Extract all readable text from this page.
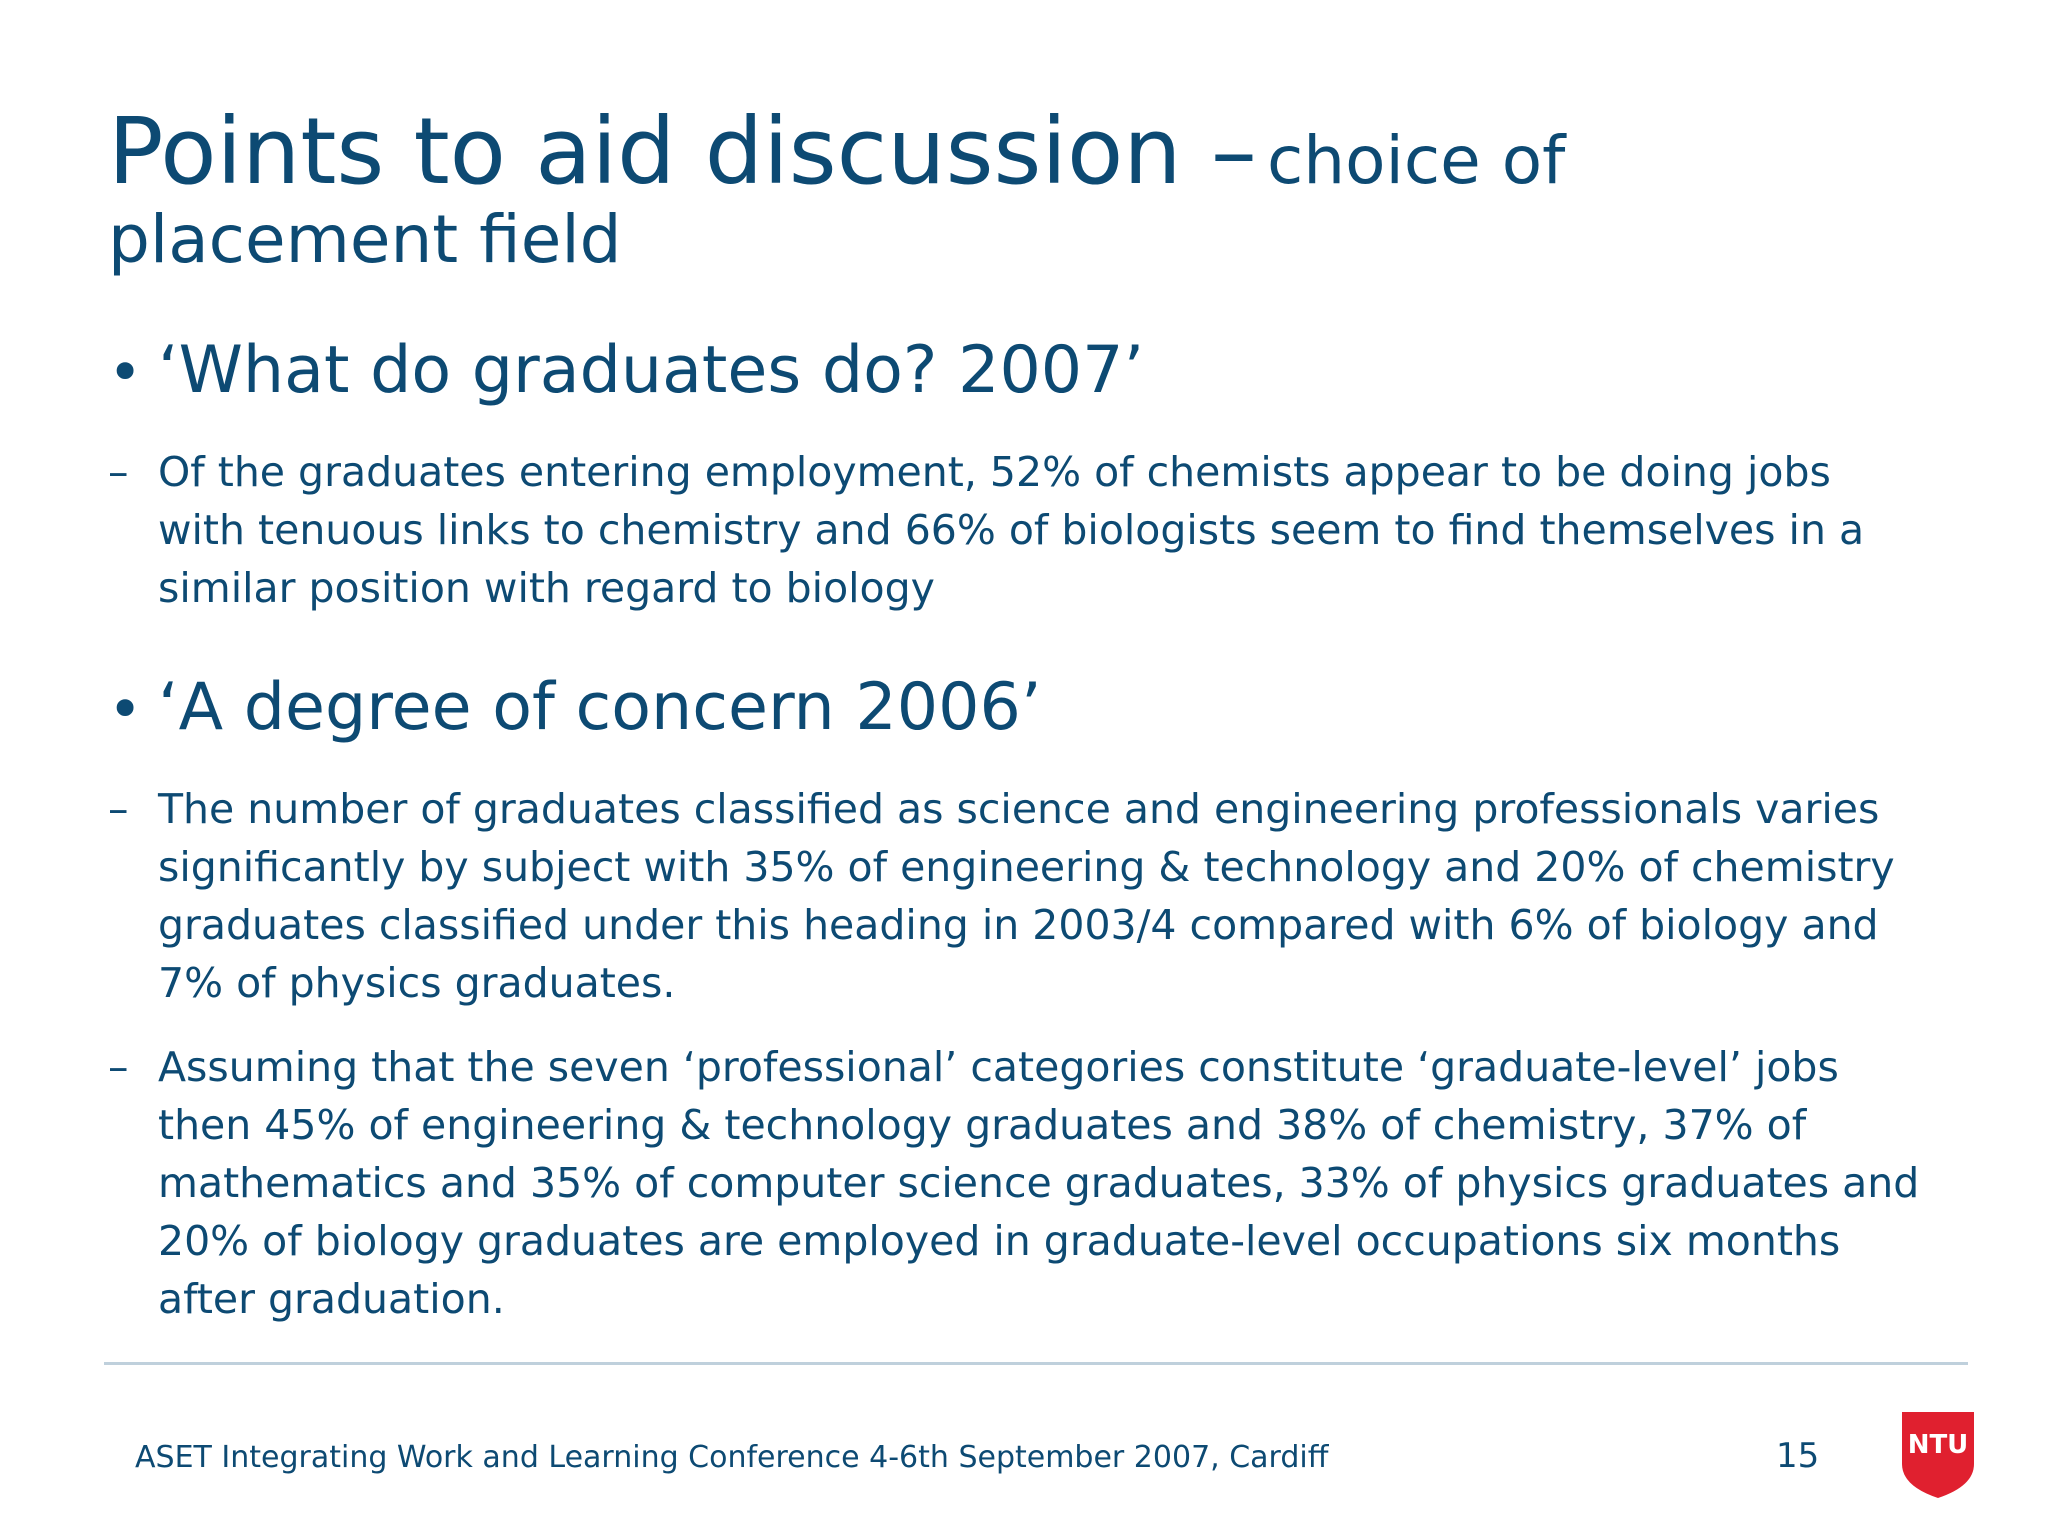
Points to aid discussion – choice of
placement field

• ‘What do graduates do? 2007’

– Of the graduates entering employment, 52% of chemists appear to be doing jobs with tenuous links to chemistry and 66% of biologists seem to find themselves in a similar position with regard to biology

• ‘A degree of concern 2006’

– The number of graduates classified as science and engineering professionals varies significantly by subject with 35% of engineering & technology and 20% of chemistry graduates classified under this heading in 2003/4 compared with 6% of biology and 7% of physics graduates.

– Assuming that the seven ‘professional’ categories constitute ‘graduate-level’ jobs then 45% of engineering & technology graduates and 38% of chemistry, 37% of mathematics and 35% of computer science graduates, 33% of physics graduates and 20% of biology graduates are employed in graduate-level occupations six months after graduation.

ASET Integrating Work and Learning Conference 4-6th September 2007, Cardiff	15	NTU
